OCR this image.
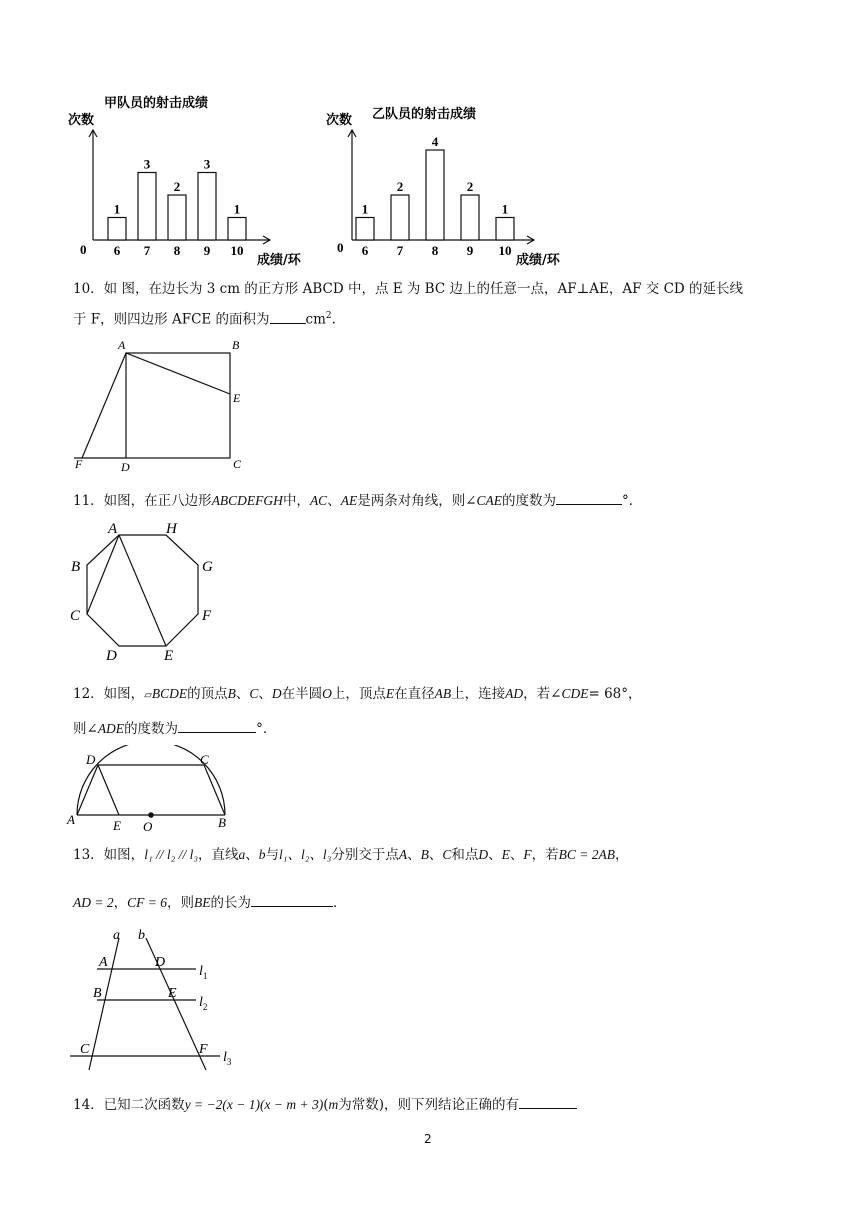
甲队员的射击成绩
次数
0
1
6
3
7
2
8
3
9
1
10
成绩/环
乙队员的射击成绩
次数
0
1
6
2
7
4
8
2
9
1
10
成绩/环
10．如 图，在边长为 3 cm 的正方形 ABCD 中，点 E 为 BC 边上的任意一点，AF⊥AE，AF 交 CD 的延长线
于 F，则四边形 AFCE 的面积为	$cm^2$.
A	B
E
F	D	C
11．如图，在正八边形ABCDEFGH中，AC、AE是两条对角线，则∠CAE的度数为	°．
A	H
B	G
C	F
D	E
12．如图，▱BCDE的顶点B、C、D在半圆O上，顶点E在直径AB上，连接AD，若∠CDE= 68°，
则∠ADE的度数为	°．
D	C
A	E O	B
13．如图，l₁ // l₂ // l₃，直线a、b与l₁、l₂、l₃分别交于点A、B、C和点D、E、F，若BC = 2AB，
AD = 2，CF = 6，则BE的长为	．
a b
A	D
B	E
C	F
$l_1$
$l_2$
$l_3$
14．已知二次函数y = −2(x − 1)(x − m + 3)(m为常数)，则下列结论正确的有
2
